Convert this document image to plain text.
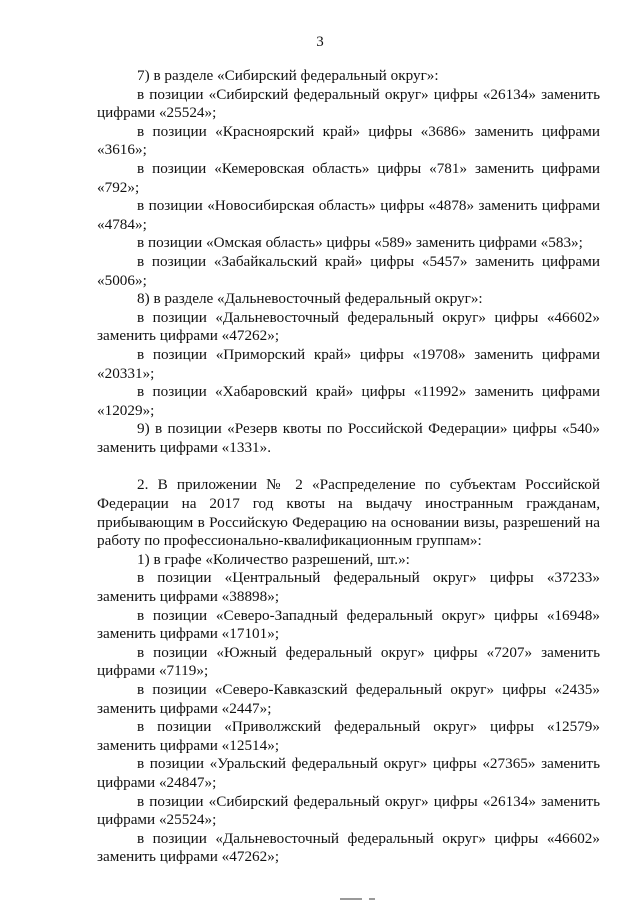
3

7) в разделе «Сибирский федеральный округ»:

в позиции «Сибирский федеральный округ» цифры «26134» заменить цифрами «25524»;

в позиции «Красноярский край» цифры «3686» заменить цифрами «3616»;

в позиции «Кемеровская область» цифры «781» заменить цифрами «792»;

в позиции «Новосибирская область» цифры «4878» заменить цифрами «4784»;

в позиции «Омская область» цифры «589» заменить цифрами «583»;

в позиции «Забайкальский край» цифры «5457» заменить цифрами «5006»;

8) в разделе «Дальневосточный федеральный округ»:

в позиции «Дальневосточный федеральный округ» цифры «46602» заменить цифрами «47262»;

в позиции «Приморский край» цифры «19708» заменить цифрами «20331»;

в позиции «Хабаровский край» цифры «11992» заменить цифрами «12029»;

9) в позиции «Резерв квоты по Российской Федерации» цифры «540» заменить цифрами «1331».

2. В приложении № 2 «Распределение по субъектам Российской Федерации на 2017 год квоты на выдачу иностранным гражданам, прибывающим в Российскую Федерацию на основании визы, разрешений на работу по профессионально-квалификационным группам»:

1) в графе «Количество разрешений, шт.»:

в позиции «Центральный федеральный округ» цифры «37233» заменить цифрами «38898»;

в позиции «Северо-Западный федеральный округ» цифры «16948» заменить цифрами «17101»;

в позиции «Южный федеральный округ» цифры «7207» заменить цифрами «7119»;

в позиции «Северо-Кавказский федеральный округ» цифры «2435» заменить цифрами «2447»;

в позиции «Приволжский федеральный округ» цифры «12579» заменить цифрами «12514»;

в позиции «Уральский федеральный округ» цифры «27365» заменить цифрами «24847»;

в позиции «Сибирский федеральный округ» цифры «26134» заменить цифрами «25524»;

в позиции «Дальневосточный федеральный округ» цифры «46602» заменить цифрами «47262»;
